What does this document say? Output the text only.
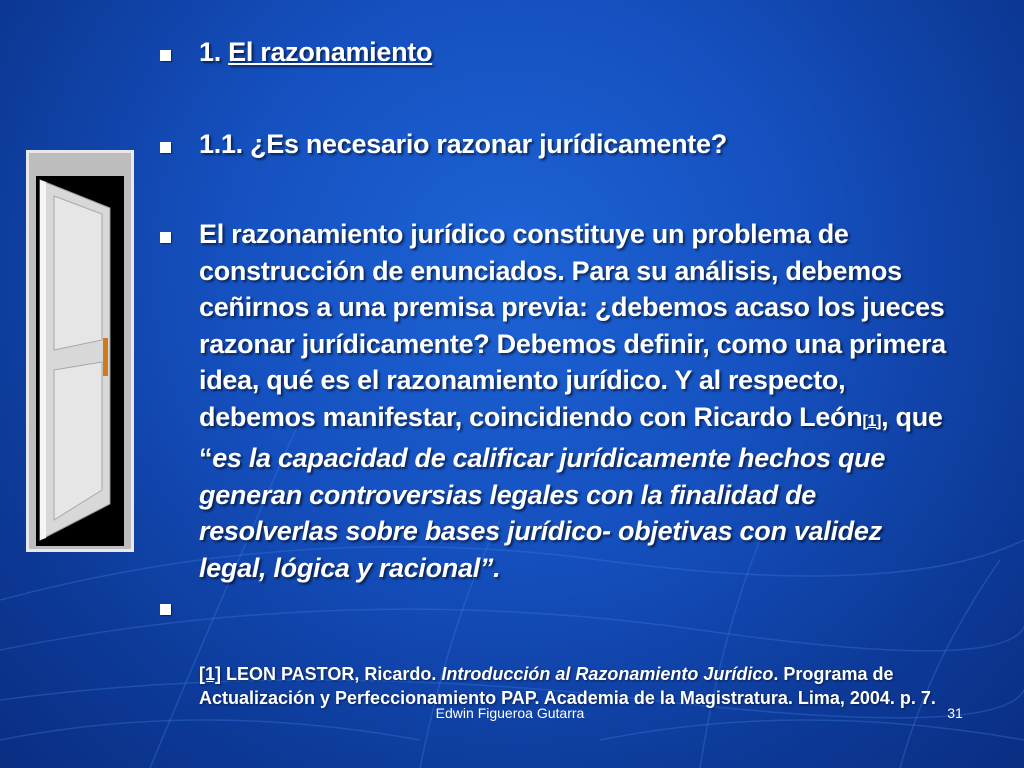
1. El razonamiento
1.1. ¿Es necesario razonar jurídicamente?
El razonamiento jurídico constituye un problema de
construcción de enunciados. Para su análisis, debemos
ceñirnos a una premisa previa: ¿debemos acaso los jueces
razonar jurídicamente? Debemos definir, como una primera
idea, qué es el razonamiento jurídico. Y al respecto,
debemos manifestar, coincidiendo con Ricardo León[1], que
“es la capacidad de calificar jurídicamente hechos que
generan controversias legales con la finalidad de
resolverlas sobre bases jurídico- objetivas con validez
legal, lógica y racional”.
[1] LEON PASTOR, Ricardo. Introducción al Razonamiento Jurídico. Programa de
Actualización y Perfeccionamiento PAP. Academia de la Magistratura. Lima, 2004. p. 7.
Edwin Figueroa Gutarra	31
